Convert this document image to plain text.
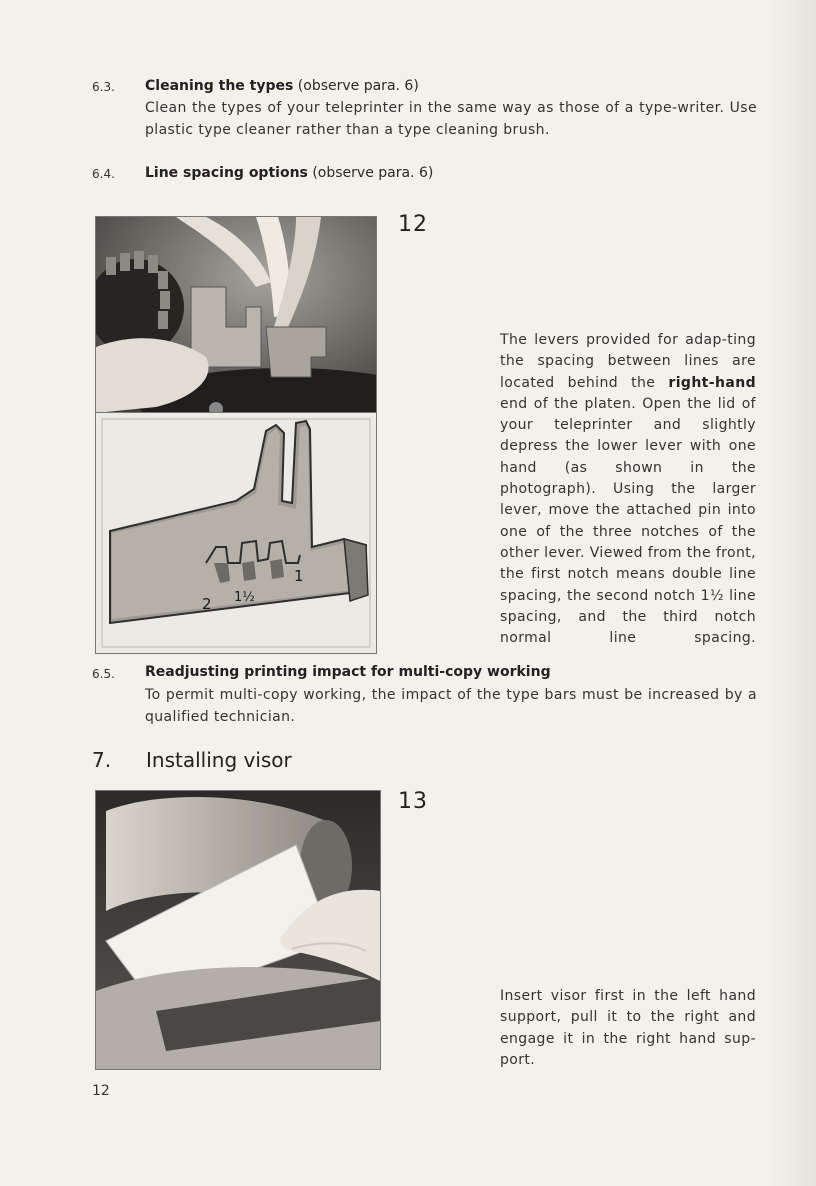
6.3. Cleaning the types (observe para. 6)
Clean the types of your teleprinter in the same way as those of a type-writer. Use plastic type cleaner rather than a type cleaning brush.
6.4. Line spacing options (observe para. 6)
12
2 1½
1
The levers provided for adap-ting the spacing between lines are located behind the right-hand end of the platen. Open the lid of your teleprinter and slightly depress the lower lever with one hand (as shown in the photograph). Using the larger lever, move the attached pin into one of the three notches of the other lever. Viewed from the front, the first notch means double line spacing, the second notch 1½ line spacing, and the third notch normal line spacing.
6.5. Readjusting printing impact for multi-copy working
To permit multi-copy working, the impact of the type bars must be increased by a qualified technician.
7. Installing visor
13
Insert visor first in the left hand support, pull it to the right and engage it in the right hand sup-port.
12
